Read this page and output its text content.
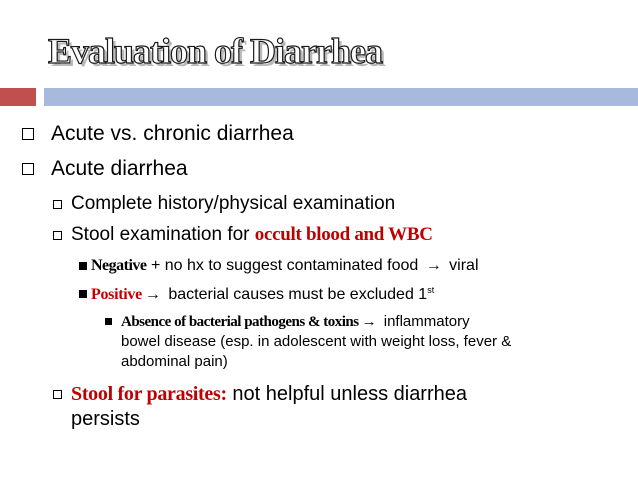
Evaluation of Diarrhea
Acute vs. chronic diarrhea
Acute diarrhea
Complete history/physical examination
Stool examination for occult blood and WBC
Negative + no hx to suggest contaminated food → viral
Positive → bacterial causes must be excluded 1st
Absence of bacterial pathogens & toxins → inflammatory
bowel disease (esp. in adolescent with weight loss, fever &
abdominal pain)
Stool for parasites: not helpful unless diarrhea
persists
